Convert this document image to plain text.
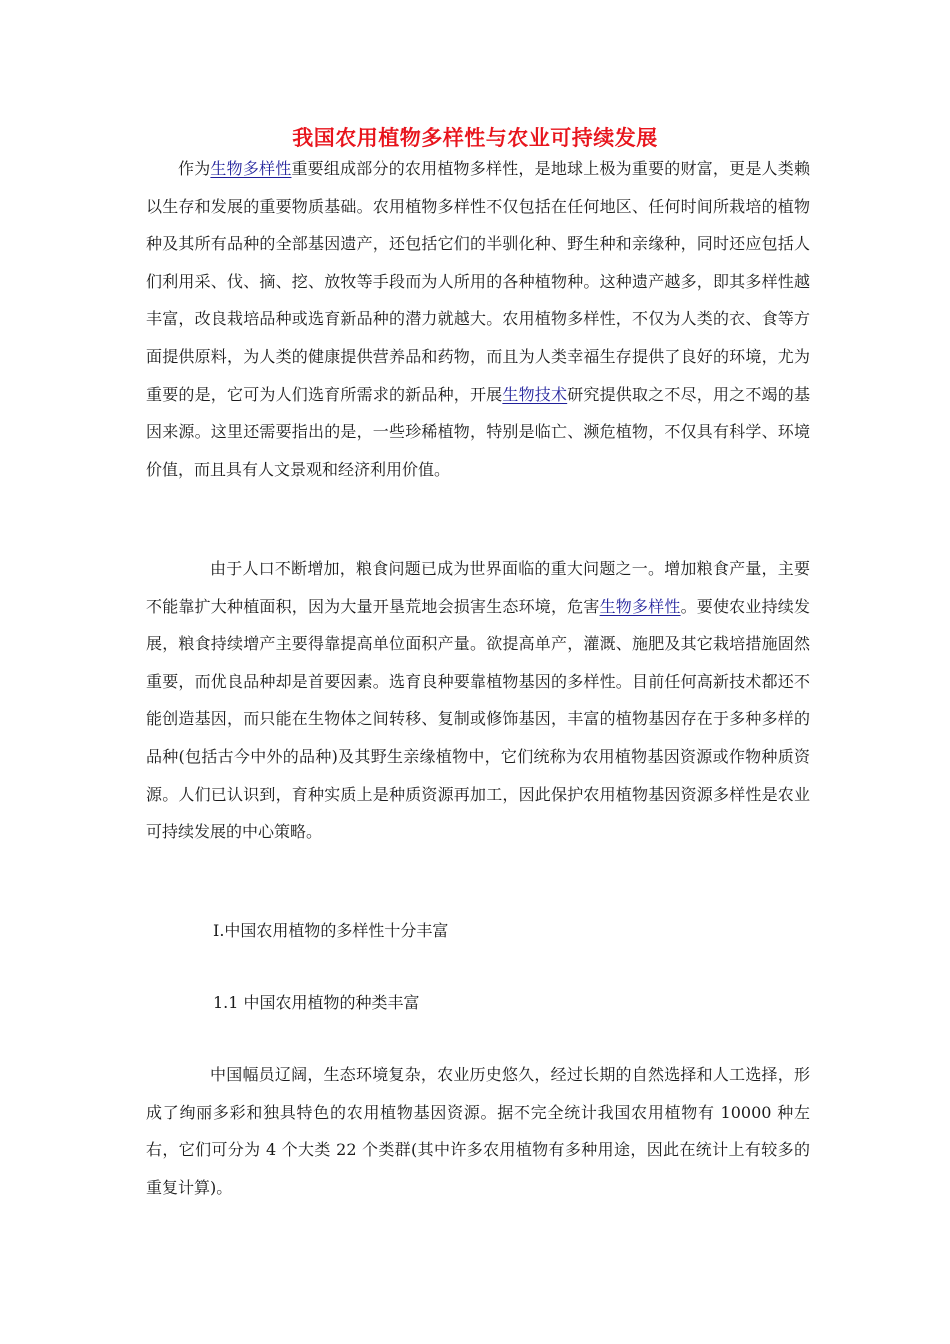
我国农用植物多样性与农业可持续发展

作为生物多样性重要组成部分的农用植物多样性，是地球上极为重要的财富，更是人类赖以生存和发展的重要物质基础。农用植物多样性不仅包括在任何地区、任何时间所栽培的植物种及其所有品种的全部基因遗产，还包括它们的半驯化种、野生种和亲缘种，同时还应包括人们利用采、伐、摘、挖、放牧等手段而为人所用的各种植物种。这种遗产越多，即其多样性越丰富，改良栽培品种或选育新品种的潜力就越大。农用植物多样性，不仅为人类的衣、食等方面提供原料，为人类的健康提供营养品和药物，而且为人类幸福生存提供了良好的环境，尤为重要的是，它可为人们选育所需求的新品种，开展生物技术研究提供取之不尽，用之不竭的基因来源。这里还需要指出的是，一些珍稀植物，特别是临亡、濒危植物，不仅具有科学、环境价值，而且具有人文景观和经济利用价值。

由于人口不断增加，粮食问题已成为世界面临的重大问题之一。增加粮食产量，主要不能靠扩大种植面积，因为大量开垦荒地会损害生态环境，危害生物多样性。要使农业持续发展，粮食持续增产主要得靠提高单位面积产量。欲提高单产，灌溉、施肥及其它栽培措施固然重要，而优良品种却是首要因素。选育良种要靠植物基因的多样性。目前任何高新技术都还不能创造基因，而只能在生物体之间转移、复制或修饰基因，丰富的植物基因存在于多种多样的品种(包括古今中外的品种)及其野生亲缘植物中，它们统称为农用植物基因资源或作物种质资源。人们已认识到，育种实质上是种质资源再加工，因此保护农用植物基因资源多样性是农业可持续发展的中心策略。

Ⅰ.中国农用植物的多样性十分丰富

1.1 中国农用植物的种类丰富

中国幅员辽阔，生态环境复杂，农业历史悠久，经过长期的自然选择和人工选择，形成了绚丽多彩和独具特色的农用植物基因资源。据不完全统计我国农用植物有 10000 种左右，它们可分为 4 个大类 22 个类群(其中许多农用植物有多种用途，因此在统计上有较多的重复计算)。
